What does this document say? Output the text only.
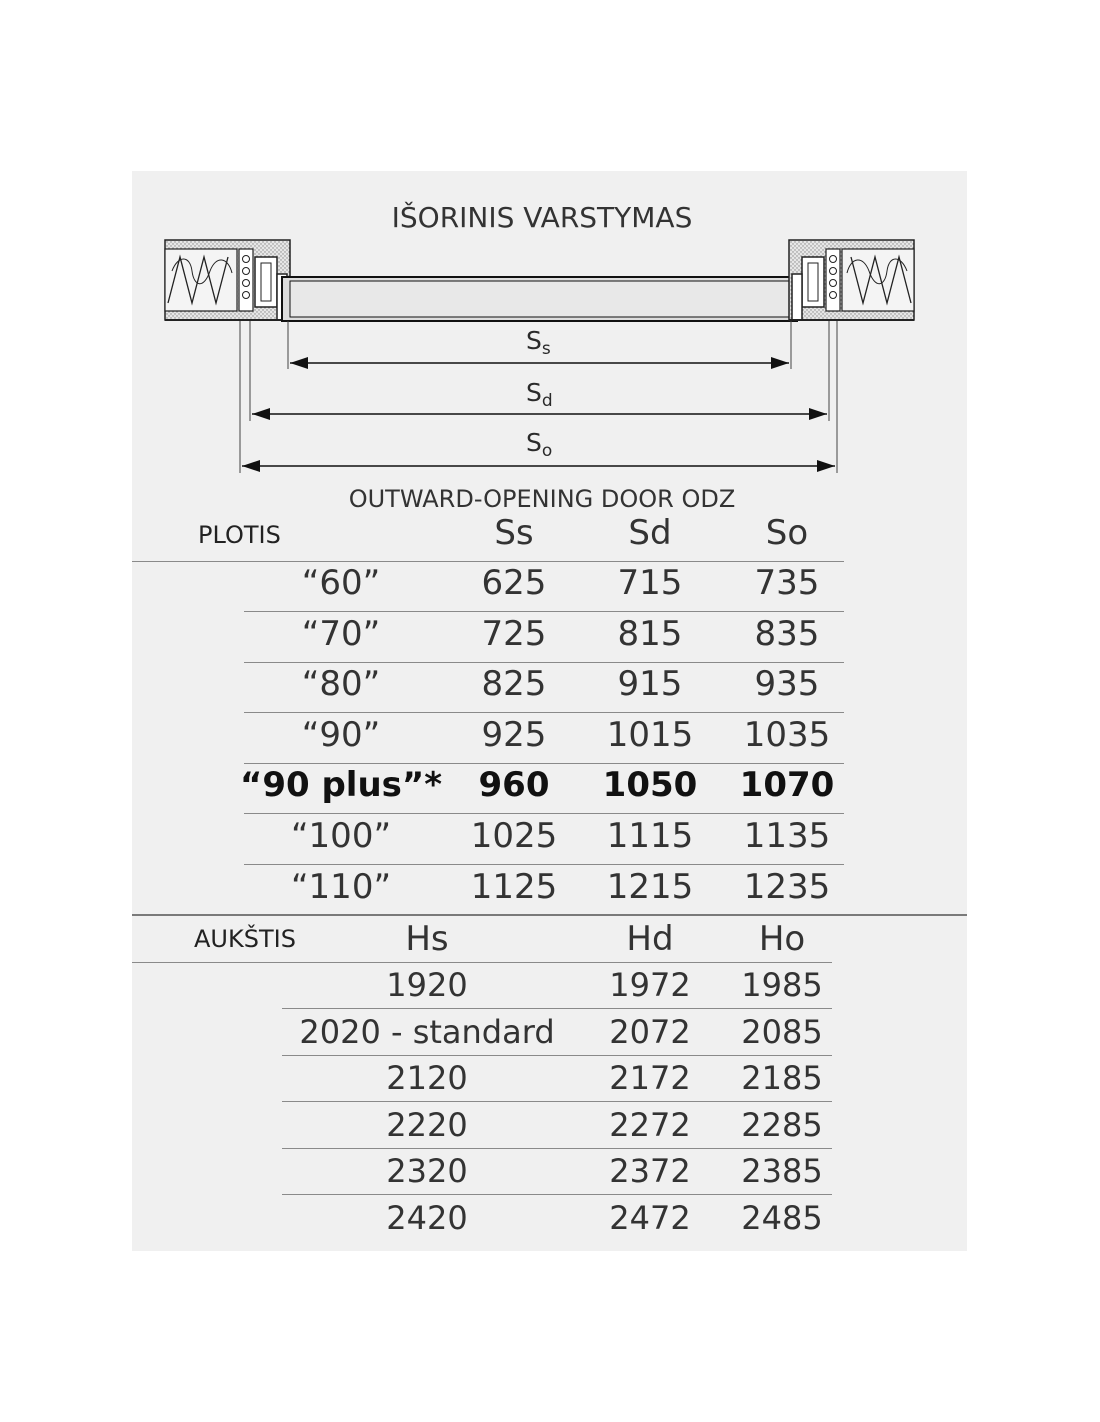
IŠORINIS VARSTYMAS
$S_s$
$S_d$
$S_o$
OUTWARD-OPENING DOOR ODZ
PLOTIS	Ss	Sd	So
“60”	625	715	735
“70”	725	815	835
“80”	825	915	935
“90”	925	1015	1035
“90 plus”*	960	1050	1070
“100”	1025	1115	1135
“110”	1125	1215	1235
AUKŠTIS	Hs	Hd	Ho
1920	1972	1985
2020 - standard	2072	2085
2120	2172	2185
2220	2272	2285
2320	2372	2385
2420	2472	2485
